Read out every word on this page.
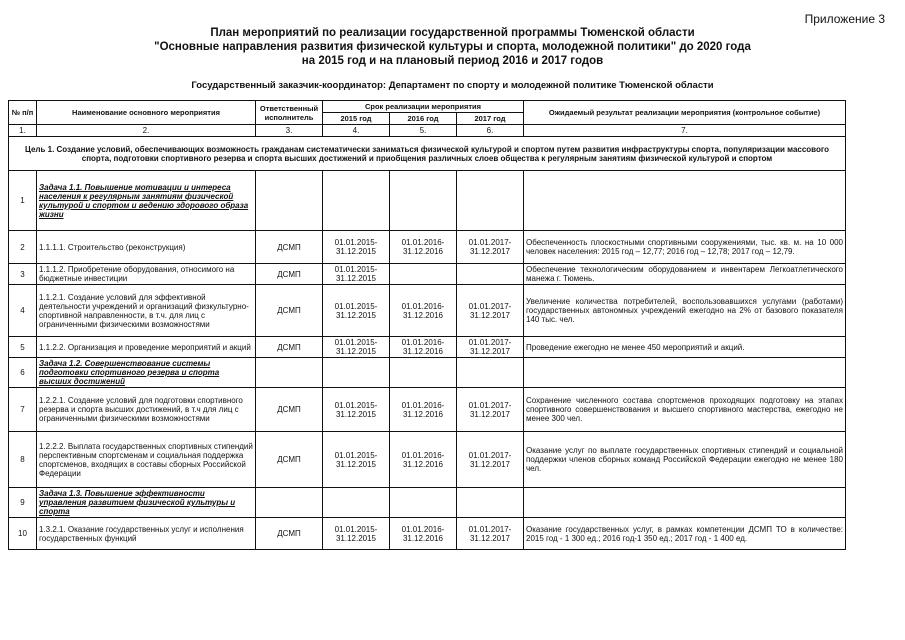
Приложение 3
План мероприятий по реализации государственной программы Тюменской области
"Основные направления развития физической культуры и спорта, молодежной политики" до 2020 года
на 2015 год и на плановый период 2016 и 2017 годов
Государственный заказчик-координатор: Департамент по спорту и молодежной политике Тюменской области
№ п/п	Наименование основного мероприятия	Ответственный исполнитель	Срок реализации мероприятия			Ожидаемый результат реализации мероприятия (контрольное событие)
			2015 год	2016 год	2017 год	
1.	2.	3.	4.	5.	6.	7.
Цель 1. Создание условий, обеспечивающих возможность гражданам систематически заниматься физической культурой и спортом путем развития инфраструктуры спорта, популяризации массового спорта, подготовки спортивного резерва и спорта высших достижений и приобщения различных слоев общества к регулярным занятиям физической культурой и спортом						
1	Задача 1.1. Повышение мотивации и интереса населения к регулярным занятиям физической культурой и спортом и ведению здорового образа жизни					
2	1.1.1.1. Строительство (реконструкция)	ДСМП	01.01.2015-31.12.2015	01.01.2016-31.12.2016	01.01.2017-31.12.2017	Обеспеченность плоскостными спортивными сооружениями, тыс. кв. м. на 10 000 человек населения: 2015 год – 12,77; 2016 год – 12,78; 2017 год – 12,79.
3	1.1.1.2. Приобретение оборудования, относимого на бюджетные инвестиции	ДСМП	01.01.2015-31.12.2015			Обеспечение технологическим оборудованием и инвентарем Легкоатлетического манежа г. Тюмень.
4	1.1.2.1. Создание условий для эффективной деятельности учреждений и организаций физкультурно-спортивной направленности, в т.ч. для лиц с ограниченными физическими возможностями	ДСМП	01.01.2015-31.12.2015	01.01.2016-31.12.2016	01.01.2017-31.12.2017	Увеличение количества потребителей, воспользовавшихся услугами (работами) государственных автономных учреждений ежегодно на 2% от базового показателя 140 тыс. чел.
5	1.1.2.2. Организация и проведение мероприятий и акций	ДСМП	01.01.2015-31.12.2015	01.01.2016-31.12.2016	01.01.2017-31.12.2017	Проведение ежегодно не менее 450 мероприятий и акций.
6	Задача 1.2. Совершенствование системы подготовки спортивного резерва и спорта высших достижений					
7	1.2.2.1. Создание условий для подготовки спортивного резерва и спорта высших достижений, в т.ч для лиц с ограниченными физическими возможностями	ДСМП	01.01.2015-31.12.2015	01.01.2016-31.12.2016	01.01.2017-31.12.2017	Сохранение численного состава спортсменов проходящих подготовку на этапах спортивного совершенствования и высшего спортивного мастерства, ежегодно не менее 300 чел.
8	1.2.2.2. Выплата государственных спортивных стипендий перспективным спортсменам и социальная поддержка спортсменов, входящих в составы сборных Российской Федерации	ДСМП	01.01.2015-31.12.2015	01.01.2016-31.12.2016	01.01.2017-31.12.2017	Оказание услуг по выплате государственных спортивных стипендий и социальной поддержки членов сборных команд Российской Федерации ежегодно не менее 180 чел.
9	Задача 1.3. Повышение эффективности управления развитием физической культуры и спорта					
10	1.3.2.1. Оказание государственных услуг и исполнения государственных функций	ДСМП	01.01.2015-31.12.2015	01.01.2016-31.12.2016	01.01.2017-31.12.2017	Оказание государственных услуг, в рамках компетенции ДСМП ТО в количестве: 2015 год - 1 300 ед.; 2016 год-1 350 ед.; 2017 год - 1 400 ед.
